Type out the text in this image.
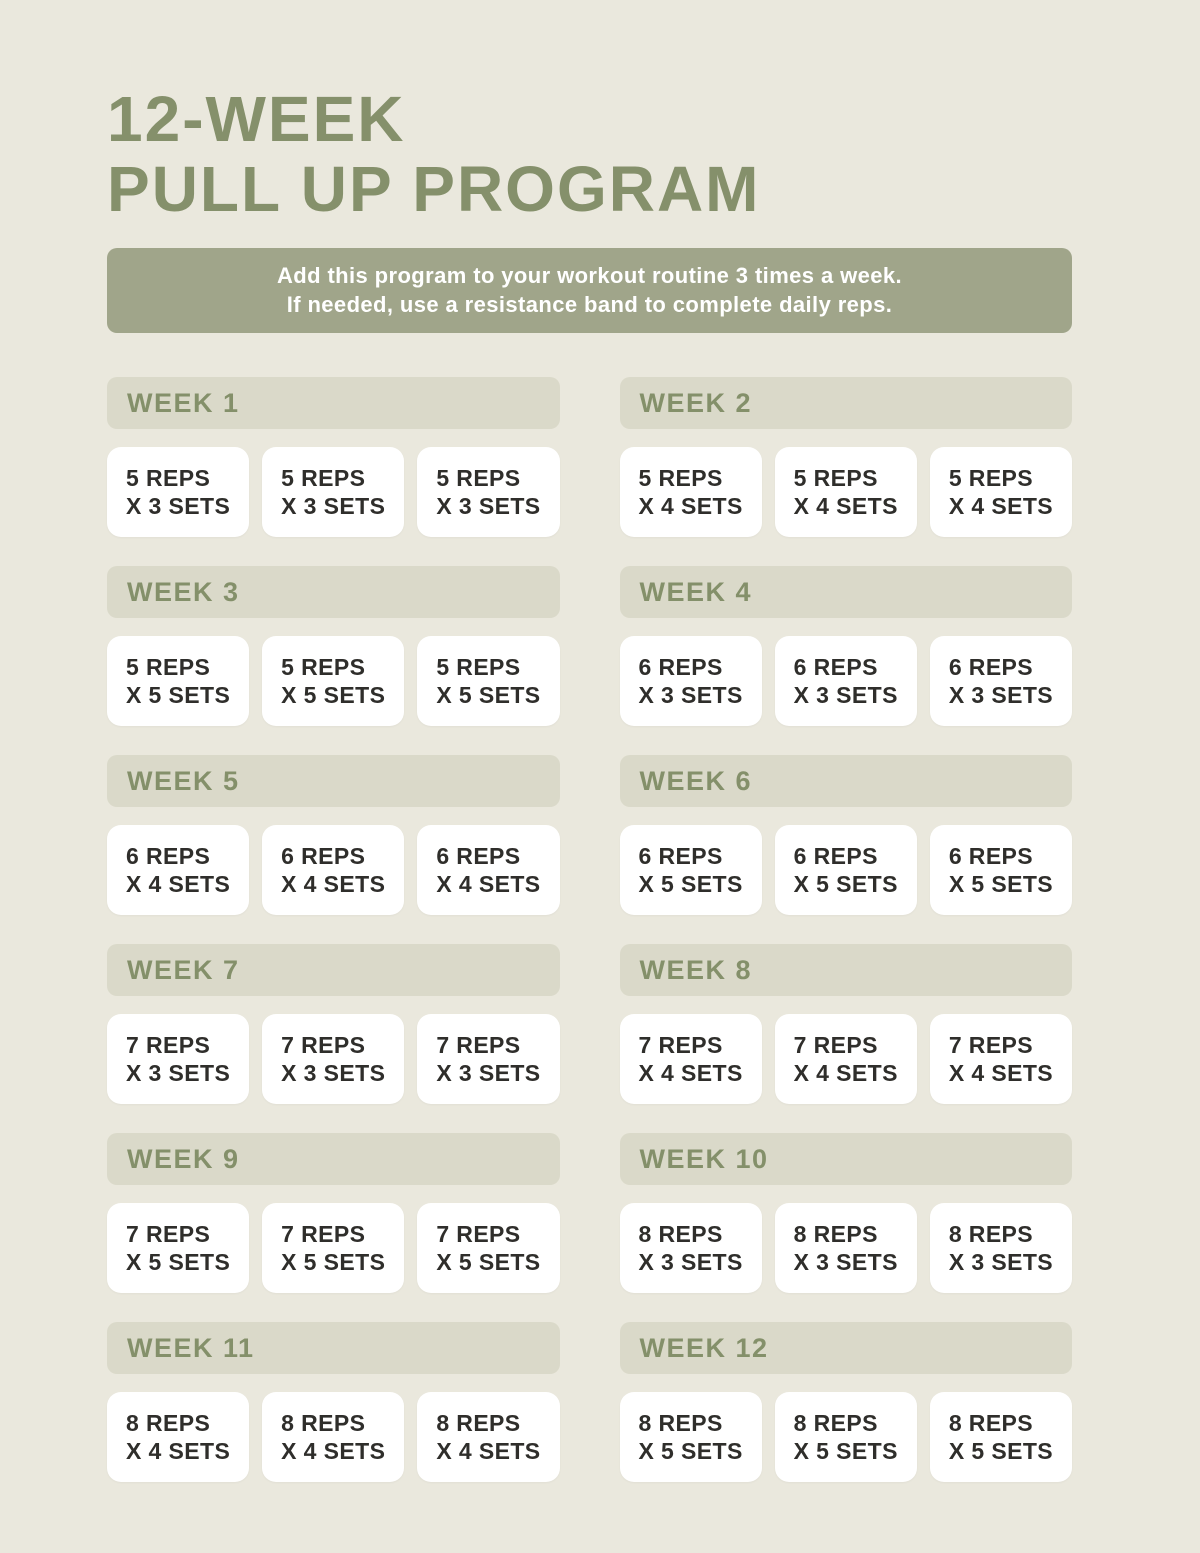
12-WEEK
PULL UP PROGRAM
Add this program to your workout routine 3 times a week.
If needed, use a resistance band to complete daily reps.
WEEK 1
5 REPS
X 3 SETS
5 REPS
X 3 SETS
5 REPS
X 3 SETS
WEEK 2
5 REPS
X 4 SETS
5 REPS
X 4 SETS
5 REPS
X 4 SETS
WEEK 3
5 REPS
X 5 SETS
5 REPS
X 5 SETS
5 REPS
X 5 SETS
WEEK 4
6 REPS
X 3 SETS
6 REPS
X 3 SETS
6 REPS
X 3 SETS
WEEK 5
6 REPS
X 4 SETS
6 REPS
X 4 SETS
6 REPS
X 4 SETS
WEEK 6
6 REPS
X 5 SETS
6 REPS
X 5 SETS
6 REPS
X 5 SETS
WEEK 7
7 REPS
X 3 SETS
7 REPS
X 3 SETS
7 REPS
X 3 SETS
WEEK 8
7 REPS
X 4 SETS
7 REPS
X 4 SETS
7 REPS
X 4 SETS
WEEK 9
7 REPS
X 5 SETS
7 REPS
X 5 SETS
7 REPS
X 5 SETS
WEEK 10
8 REPS
X 3 SETS
8 REPS
X 3 SETS
8 REPS
X 3 SETS
WEEK 11
8 REPS
X 4 SETS
8 REPS
X 4 SETS
8 REPS
X 4 SETS
WEEK 12
8 REPS
X 5 SETS
8 REPS
X 5 SETS
8 REPS
X 5 SETS
